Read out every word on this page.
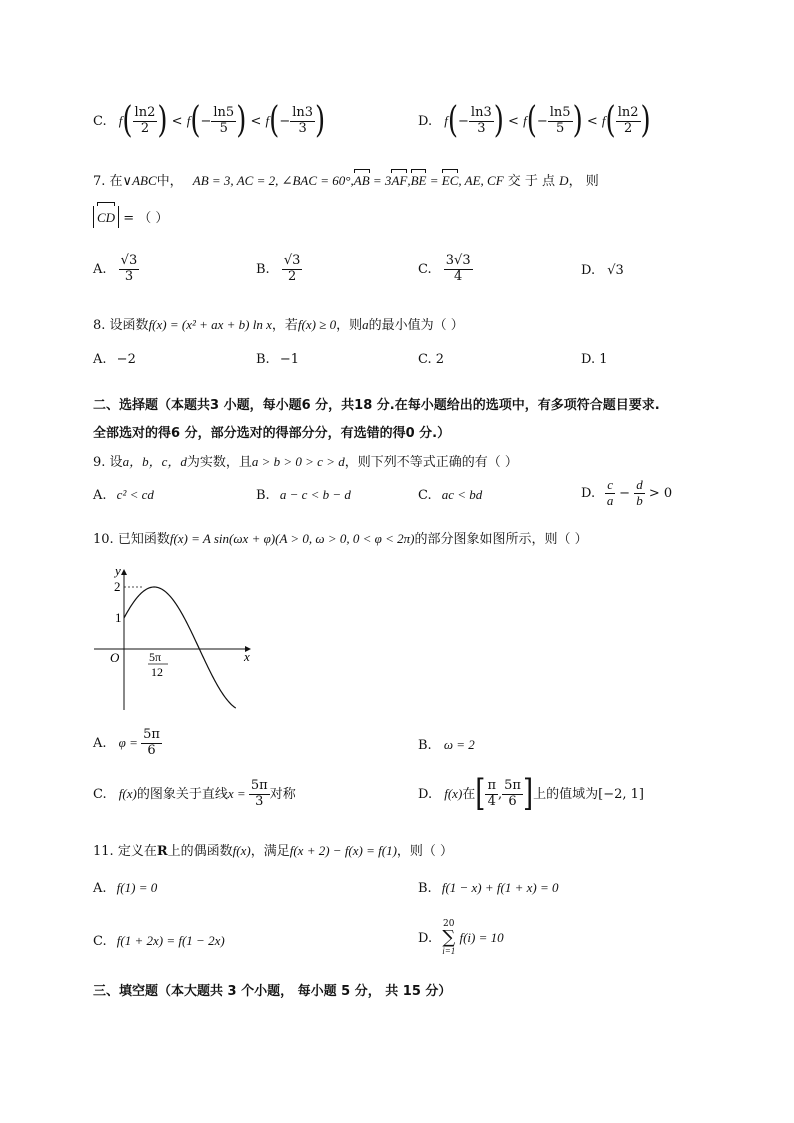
C. $f( \frac{\ln 2}{2}$ ) < $f(- \frac{\ln 5}{5}$ ) < $f(- \frac{\ln 3}{3}$ )	D. $f(- \frac{\ln 3}{3}$ ) < $f(- \frac{\ln 5}{5}$ ) < $f( \frac{\ln 2}{2}$ )
7. 在∨ABC中， AB = 3, AC = 2, ∠BAC = 60°,AB = 3AF,BE = EC, AE, CF 交 于 点 D， 则
CD = （ ）
A. $\frac{√3}{3}$	B. $\frac{√3}{2}$	C. $\frac{3√3}{4}$	D. √3
8. 设函数f(x) = (x² + ax + b) ln x，若f(x) ≥ 0，则a的最小值为（ ）
A. −2	B. −1	C. 2	D. 1
二、选择题（本题共3 小题，每小题6 分，共18 分.在每小题给出的选项中，有多项符合题目要求.
全部选对的得6 分，部分选对的得部分分，有选错的得0 分.）
9. 设a，b，c，d为实数，且a > b > 0 > c > d，则下列不等式正确的有（ ）
A. c² < cd	B. a − c < b − d	C. ac < bd	D. $\frac{c}{a} - \frac{d}{b} > 0$
10. 已知函数f(x) = A sin(ωx + φ)(A > 0, ω > 0, 0 < φ < 2π)的部分图象如图所示，则（ ）
y
x
O
2
1
5π
12
A. $\varphi = \frac{5\pi}{6}$	B. ω = 2
C. f(x)的图象关于直线$x = \frac{5\pi}{3}$ 对称	D. f(x)在[ $\frac{\pi}{4}$ , $\frac{5\pi}{6}$ ]上的值域为[−2, 1]
11. 定义在R上的偶函数f(x)，满足f(x + 2) − f(x) = f(1)，则（ ）
A. f(1) = 0	B. f(1 − x) + f(1 + x) = 0
C. f(1 + 2x) = f(1 − 2x)	D.
20
∑
i=1
f(i) = 10
三、填空题（本大题共 3 个小题， 每小题 5 分， 共 15 分）
